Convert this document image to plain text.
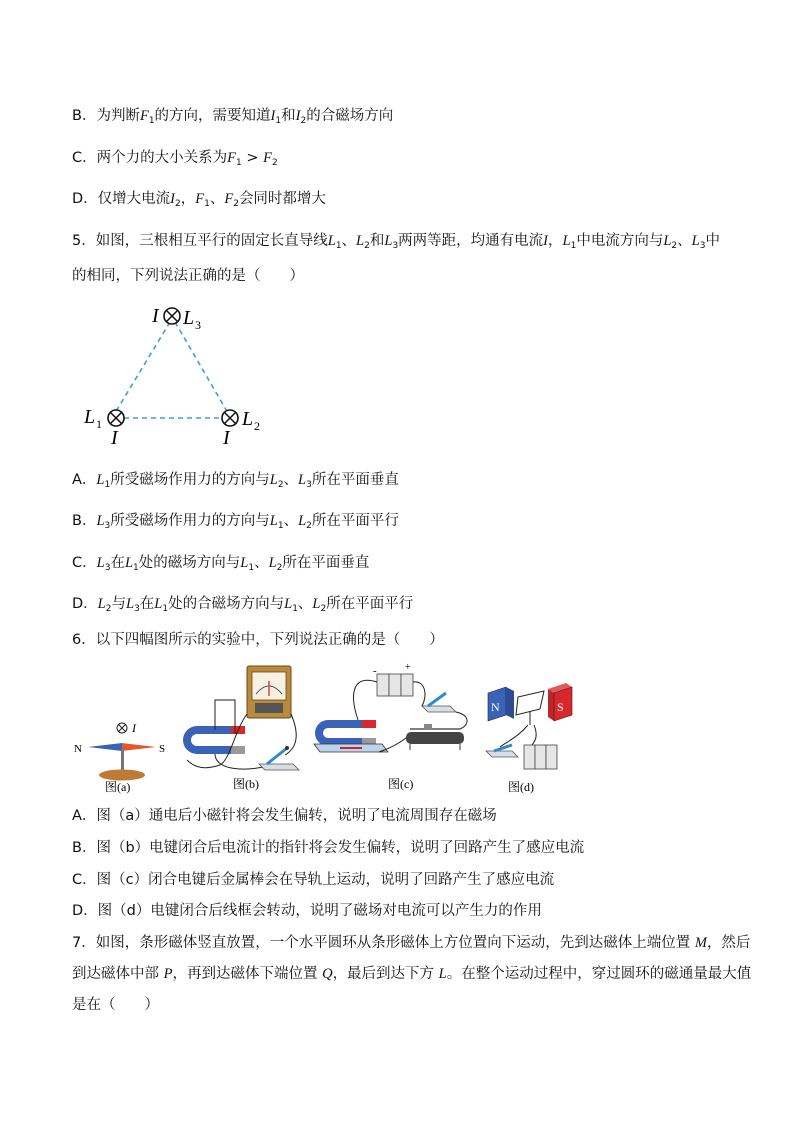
B．为判断$F_1$的方向，需要知道$I_1$和$I_2$的合磁场方向
C．两个力的大小关系为$F_1 > F_2$
D．仅增大电流$I_2$，$F_1$、$F_2$会同时都增大
5．如图，三根相互平行的固定长直导线$L_1$、$L_2$和$L_3$两两等距，均通有电流I，$L_1$中电流方向与$L_2$、$L_3$中
的相同，下列说法正确的是（　　）
I L 3
L 1
I
L 2
I
A．$L_1$所受磁场作用力的方向与$L_2$、$L_3$所在平面垂直
B．$L_3$所受磁场作用力的方向与$L_1$、$L_2$所在平面平行
C．$L_3$在$L_1$处的磁场方向与$L_1$、$L_2$所在平面垂直
D．$L_2$与$L_3$在$L_1$处的合磁场方向与$L_1$、$L_2$所在平面平行
6．以下四幅图所示的实验中，下列说法正确的是（　　）
I
N	S
图(a)	图(b)
-	+
图(c)
N	S
图(d)
A．图（a）通电后小磁针将会发生偏转，说明了电流周围存在磁场
B．图（b）电键闭合后电流计的指针将会发生偏转，说明了回路产生了感应电流
C．图（c）闭合电键后金属棒会在导轨上运动，说明了回路产生了感应电流
D．图（d）电键闭合后线框会转动，说明了磁场对电流可以产生力的作用
7．如图，条形磁体竖直放置，一个水平圆环从条形磁体上方位置向下运动，先到达磁体上端位置 M，然后
到达磁体中部 P，再到达磁体下端位置 Q，最后到达下方 L。在整个运动过程中，穿过圆环的磁通量最大值
是在（　　）
